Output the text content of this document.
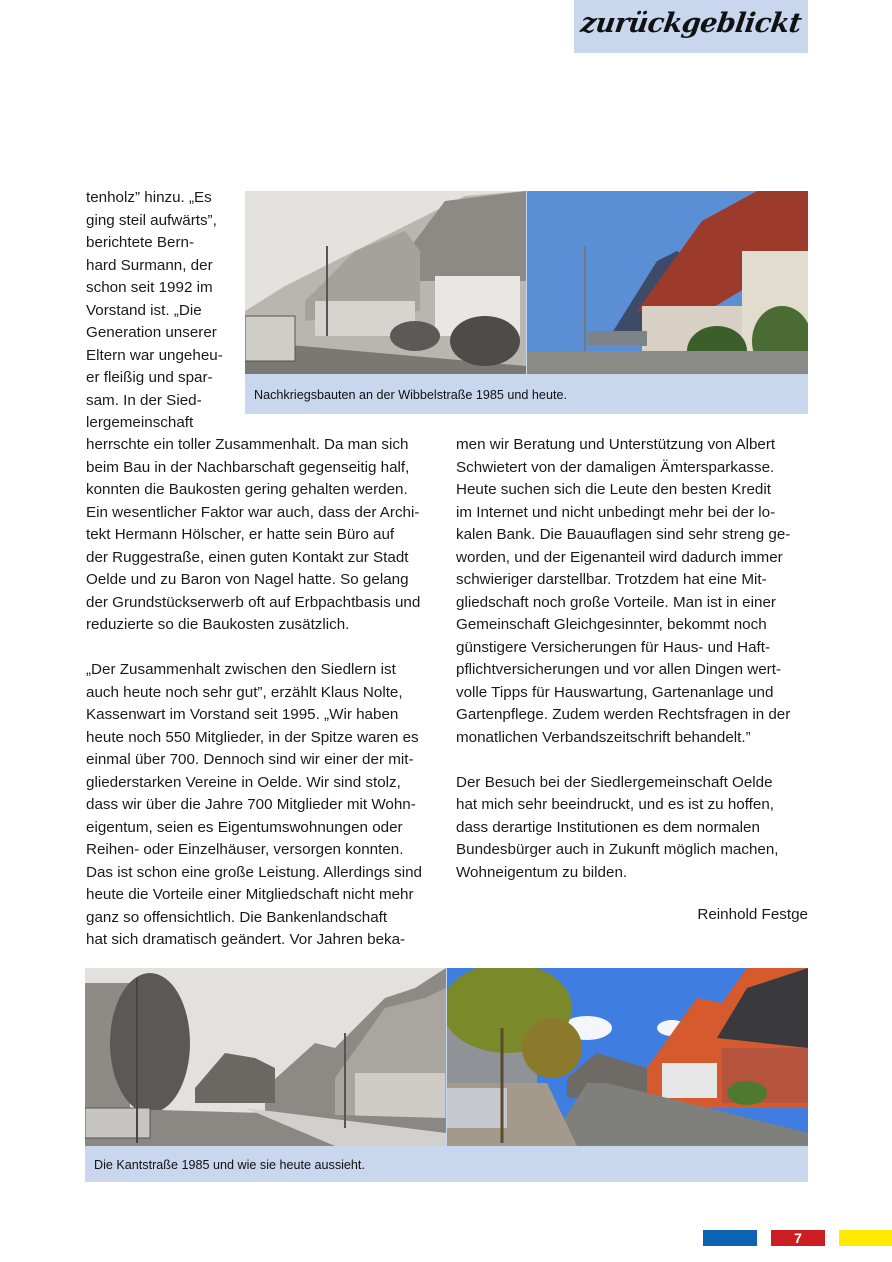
zurückgeblickt
tenholz” hinzu. „Es
ging steil aufwärts”,
berichtete Bern-
hard Surmann, der
schon seit 1992 im
Vorstand ist. „Die
Generation unserer
Eltern war ungeheu-
er fleißig und spar-
sam. In der Sied-
lergemeinschaft
Nachkriegsbauten an der Wibbelstraße 1985 und heute.
herrschte ein toller Zusammenhalt. Da man sich
beim Bau in der Nachbarschaft gegenseitig half,
konnten die Baukosten gering gehalten werden.
Ein wesentlicher Faktor war auch, dass der Archi-
tekt Hermann Hölscher, er hatte sein Büro auf
der Ruggestraße, einen guten Kontakt zur Stadt
Oelde und zu Baron von Nagel hatte. So gelang
der Grundstückserwerb oft auf Erbpachtbasis und
reduzierte so die Baukosten zusätzlich.
„Der Zusammenhalt zwischen den Siedlern ist
auch heute noch sehr gut”, erzählt Klaus Nolte,
Kassenwart im Vorstand seit 1995. „Wir haben
heute noch 550 Mitglieder, in der Spitze waren es
einmal über 700. Dennoch sind wir einer der mit-
gliederstarken Vereine in Oelde. Wir sind stolz,
dass wir über die Jahre 700 Mitglieder mit Wohn-
eigentum, seien es Eigentumswohnungen oder
Reihen- oder Einzelhäuser, versorgen konnten.
Das ist schon eine große Leistung. Allerdings sind
heute die Vorteile einer Mitgliedschaft nicht mehr
ganz so offensichtlich. Die Bankenlandschaft
hat sich dramatisch geändert. Vor Jahren beka-
men wir Beratung und Unterstützung von Albert
Schwietert von der damaligen Ämtersparkasse.
Heute suchen sich die Leute den besten Kredit
im Internet und nicht unbedingt mehr bei der lo-
kalen Bank. Die Bauauflagen sind sehr streng ge-
worden, und der Eigenanteil wird dadurch immer
schwieriger darstellbar. Trotzdem hat eine Mit-
gliedschaft noch große Vorteile. Man ist in einer
Gemeinschaft Gleichgesinnter, bekommt noch
günstigere Versicherungen für Haus- und Haft-
pflichtversicherungen und vor allen Dingen wert-
volle Tipps für Hauswartung, Gartenanlage und
Gartenpflege. Zudem werden Rechtsfragen in der
monatlichen Verbandszeitschrift behandelt.”
Der Besuch bei der Siedlergemeinschaft Oelde
hat mich sehr beeindruckt, und es ist zu hoffen,
dass derartige Institutionen es dem normalen
Bundesbürger auch in Zukunft möglich machen,
Wohneigentum zu bilden.
Reinhold Festge
Die Kantstraße 1985 und wie sie heute aussieht.
7
